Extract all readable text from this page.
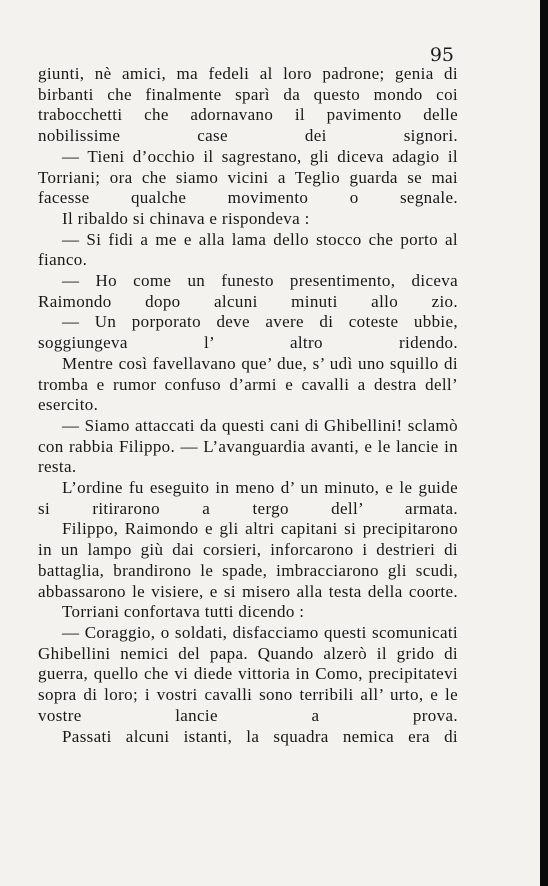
95

giunti, nè amici, ma fedeli al loro padrone; genia di birbanti che finalmente sparì da questo mondo coi trabocchetti che adornavano il pavimento delle nobilissime case dei signori.

— Tieni d’occhio il sagrestano, gli diceva adagio il Torriani; ora che siamo vicini a Teglio guarda se mai facesse qualche movimento o segnale.

Il ribaldo si chinava e rispondeva :

— Si fidi a me e alla lama dello stocco che porto al fianco.

— Ho come un funesto presentimento, diceva Raimondo dopo alcuni minuti allo zio.

— Un porporato deve avere di coteste ubbie, soggiungeva l’ altro ridendo.

Mentre così favellavano que’ due, s’ udì uno squillo di tromba e rumor confuso d’armi e cavalli a destra dell’ esercito.

— Siamo attaccati da questi cani di Ghibellini! sclamò con rabbia Filippo. — L’avanguardia avanti, e le lancie in resta.

L’ordine fu eseguito in meno d’ un minuto, e le guide si ritirarono a tergo dell’ armata.

Filippo, Raimondo e gli altri capitani si precipitarono in un lampo giù dai corsieri, inforcarono i destrieri di battaglia, brandirono le spade, imbracciarono gli scudi, abbassarono le visiere, e si misero alla testa della coorte.

Torriani confortava tutti dicendo :

— Coraggio, o soldati, disfacciamo questi scomunicati Ghibellini nemici del papa. Quando alzerò il grido di guerra, quello che vi diede vittoria in Como, precipitatevi sopra di loro; i vostri cavalli sono terribili all’ urto, e le vostre lancie a prova.

Passati alcuni istanti, la squadra nemica era di
